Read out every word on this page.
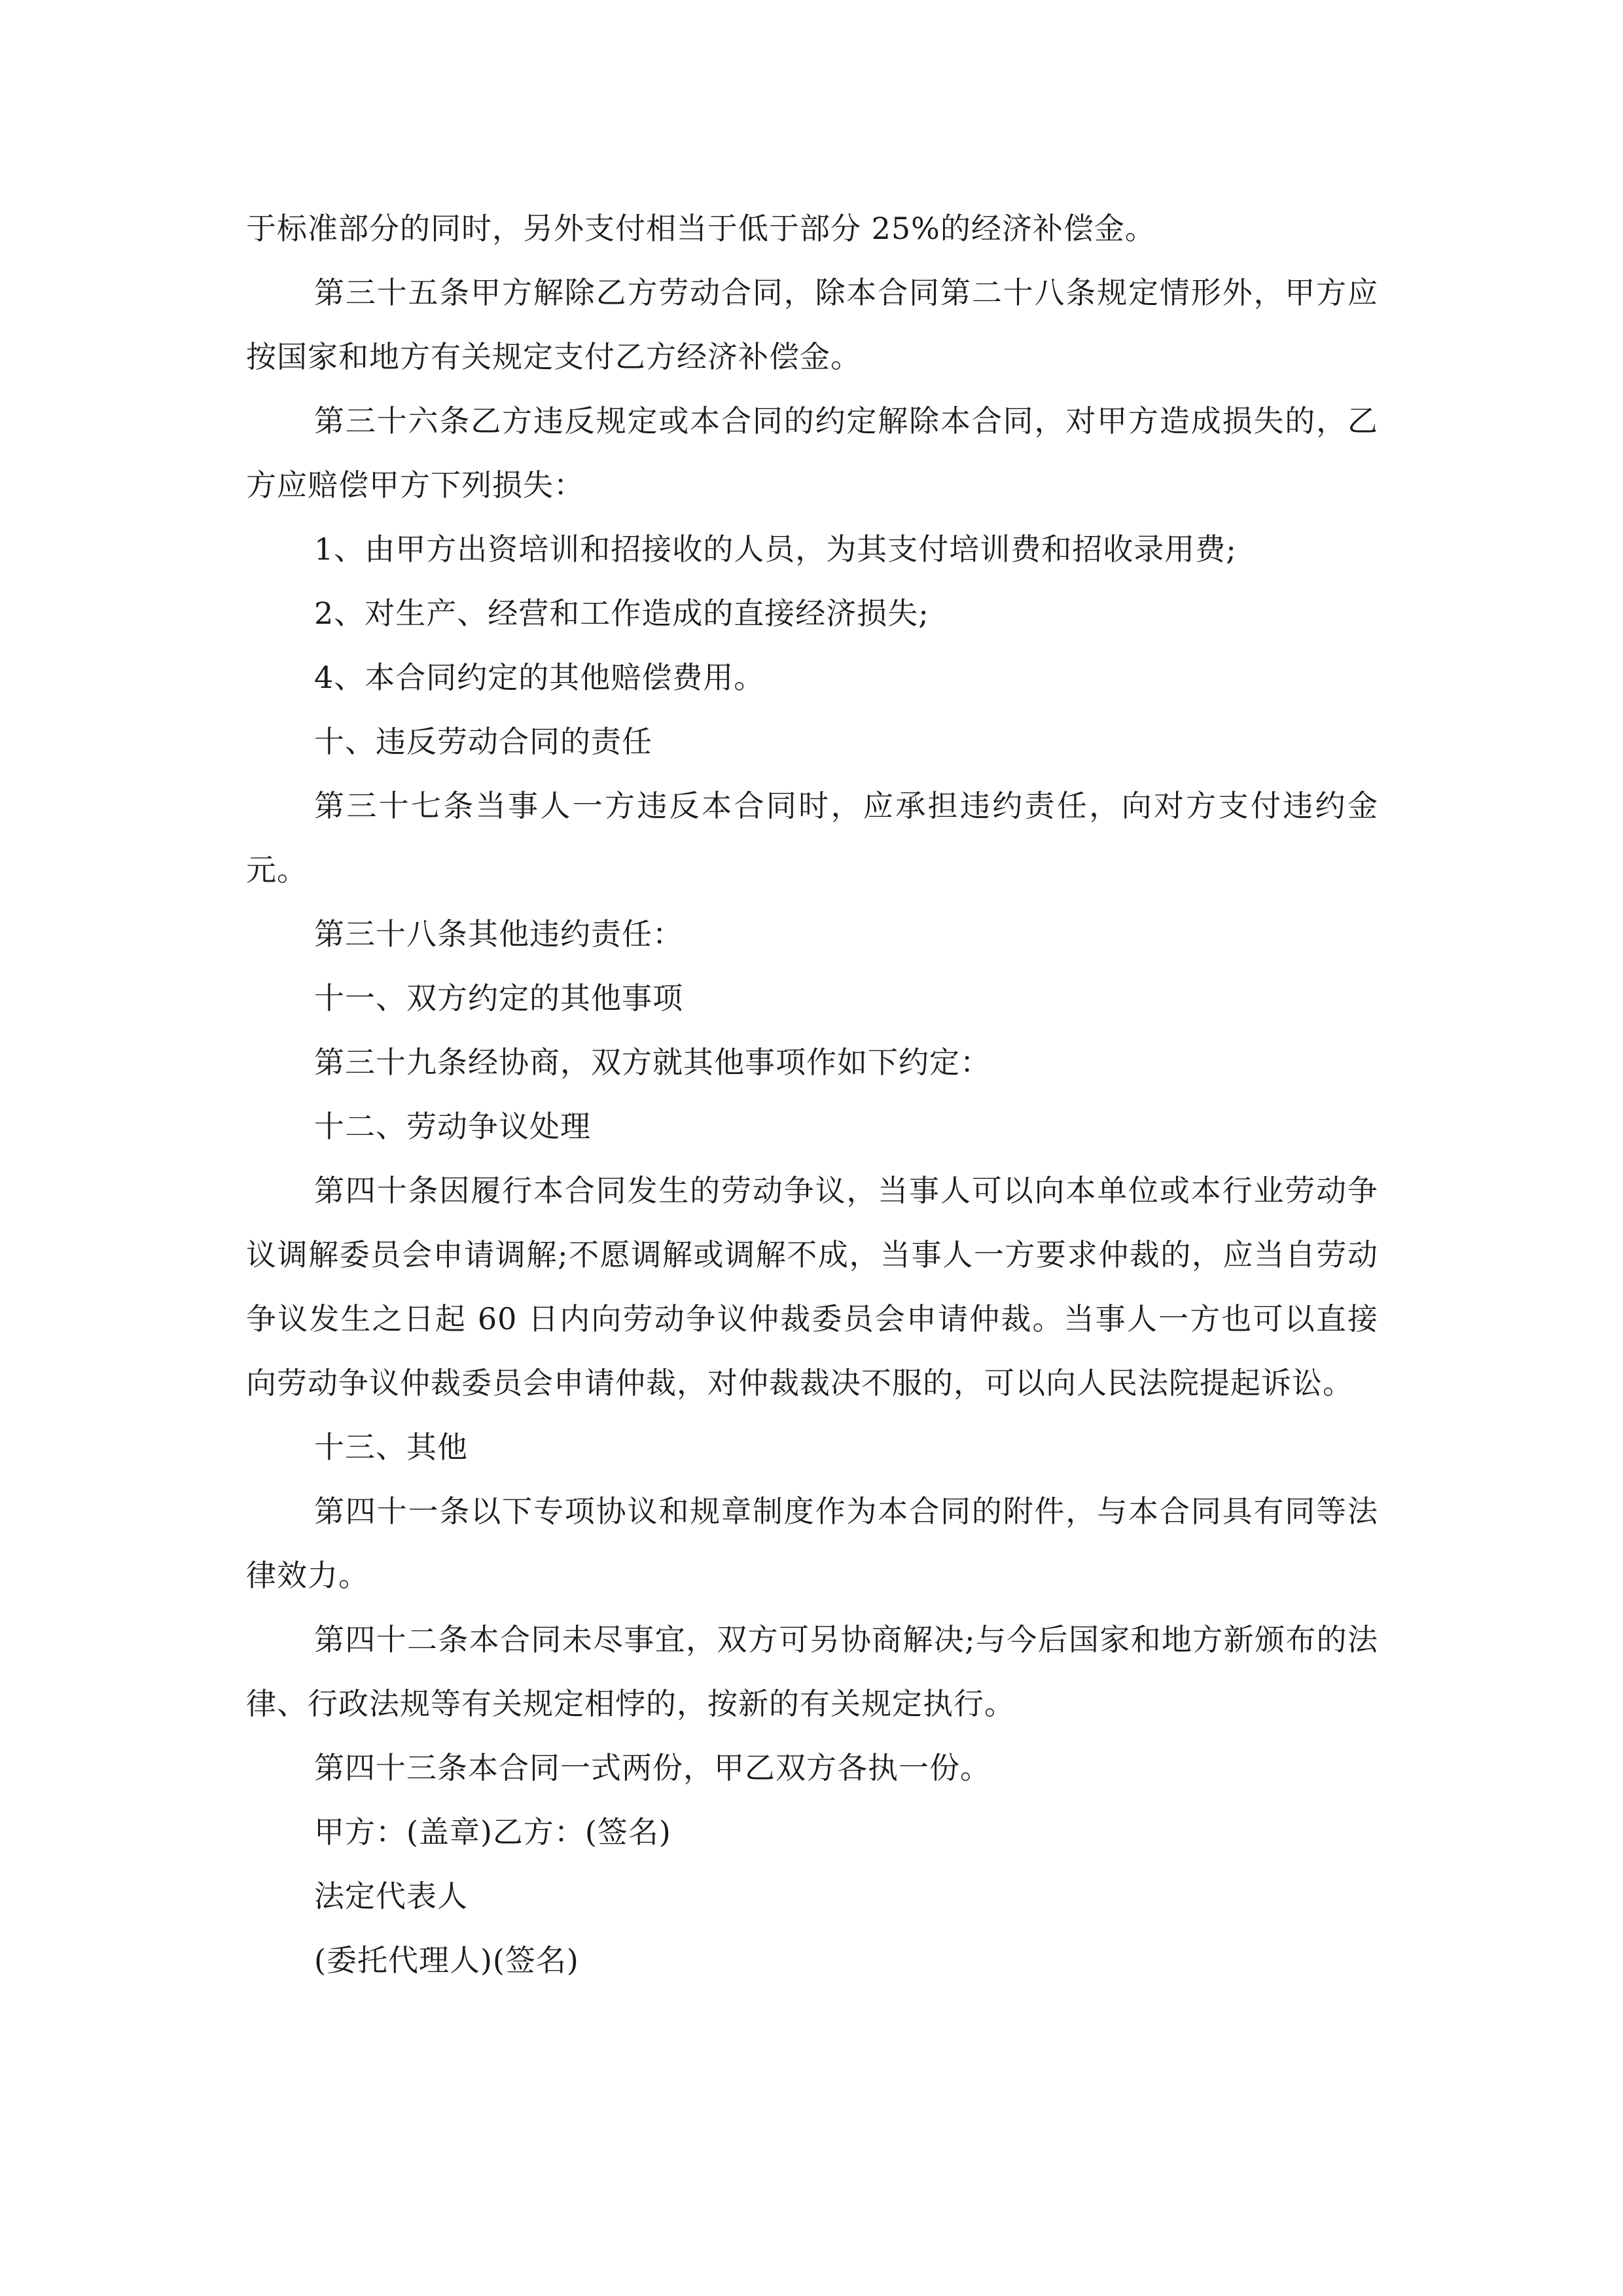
于标准部分的同时，另外支付相当于低于部分 25%的经济补偿金。

第三十五条甲方解除乙方劳动合同，除本合同第二十八条规定情形外，甲方应按国家和地方有关规定支付乙方经济补偿金。

第三十六条乙方违反规定或本合同的约定解除本合同，对甲方造成损失的，乙方应赔偿甲方下列损失：

1、由甲方出资培训和招接收的人员，为其支付培训费和招收录用费;

2、对生产、经营和工作造成的直接经济损失;

4、本合同约定的其他赔偿费用。

十、违反劳动合同的责任

第三十七条当事人一方违反本合同时，应承担违约责任，向对方支付违约金元。

第三十八条其他违约责任：

十一、双方约定的其他事项

第三十九条经协商，双方就其他事项作如下约定：

十二、劳动争议处理

第四十条因履行本合同发生的劳动争议，当事人可以向本单位或本行业劳动争议调解委员会申请调解;不愿调解或调解不成，当事人一方要求仲裁的，应当自劳动争议发生之日起 60 日内向劳动争议仲裁委员会申请仲裁。当事人一方也可以直接向劳动争议仲裁委员会申请仲裁，对仲裁裁决不服的，可以向人民法院提起诉讼。

十三、其他

第四十一条以下专项协议和规章制度作为本合同的附件，与本合同具有同等法律效力。

第四十二条本合同未尽事宜，双方可另协商解决;与今后国家和地方新颁布的法律、行政法规等有关规定相悖的，按新的有关规定执行。

第四十三条本合同一式两份，甲乙双方各执一份。

甲方：(盖章)乙方：(签名)

法定代表人

(委托代理人)(签名)
